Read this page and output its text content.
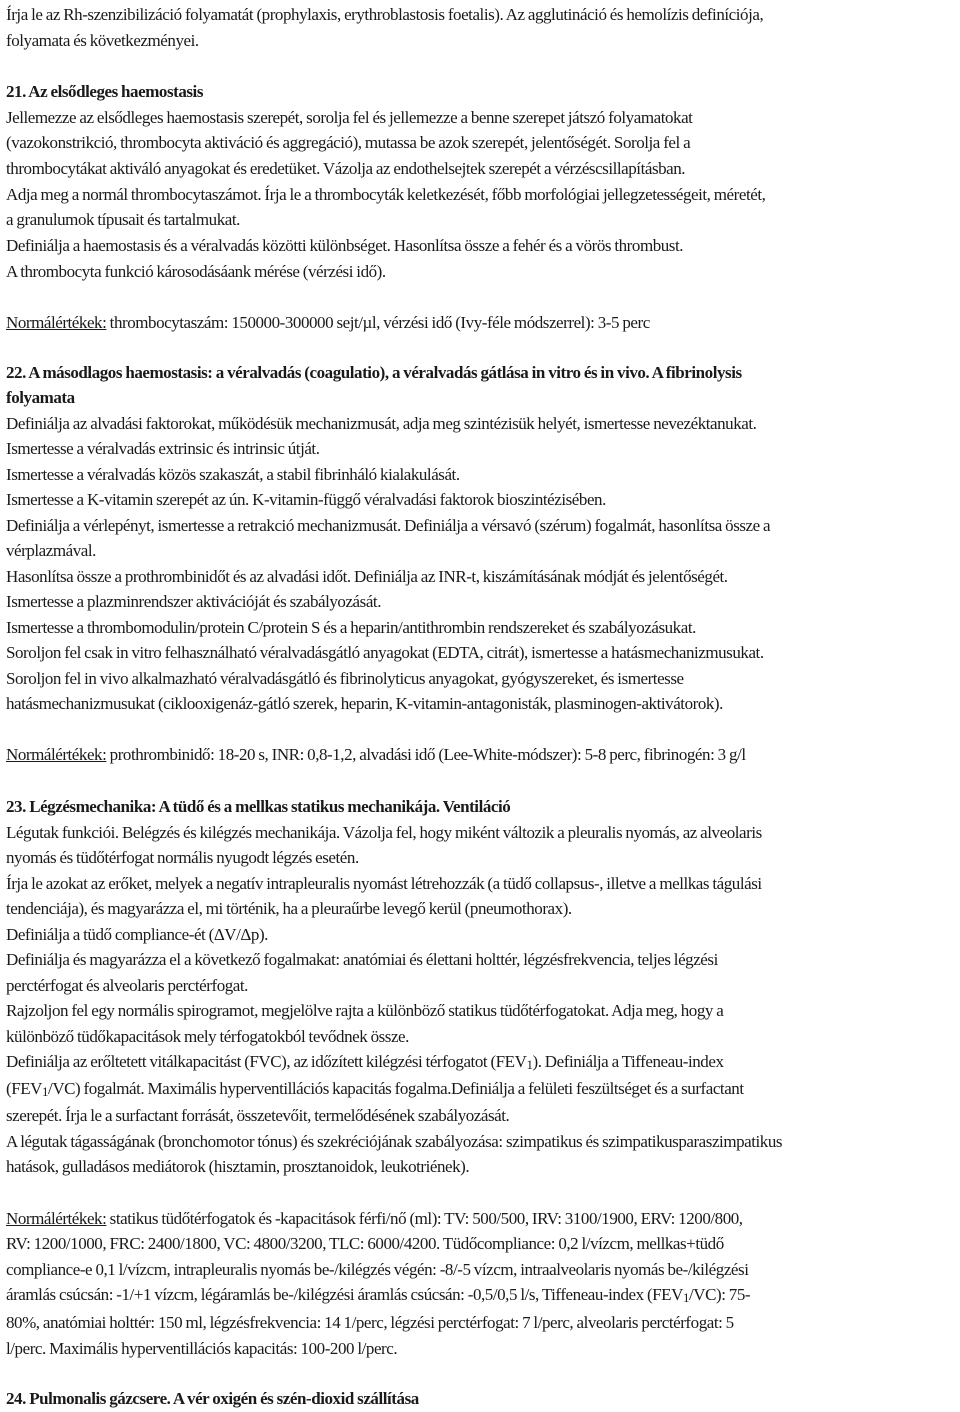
Írja le az Rh-szenzibilizáció folyamatát (prophylaxis, erythroblastosis foetalis). Az agglutináció és hemolízis definíciója,
folyamata és következményei.
21. Az elsődleges haemostasis
Jellemezze az elsődleges haemostasis szerepét, sorolja fel és jellemezze a benne szerepet játszó folyamatokat
(vazokonstrikció, thrombocyta aktiváció és aggregáció), mutassa be azok szerepét, jelentőségét. Sorolja fel a
thrombocytákat aktiváló anyagokat és eredetüket. Vázolja az endothelsejtek szerepét a vérzéscsillapításban.
Adja meg a normál thrombocytaszámot. Írja le a thrombocyták keletkezését, főbb morfológiai jellegzetességeit, méretét,
a granulumok típusait és tartalmukat.
Definiálja a haemostasis és a véralvadás közötti különbséget. Hasonlítsa össze a fehér és a vörös thrombust.
A thrombocyta funkció károsodásáank mérése (vérzési idő).
Normálértékek: thrombocytaszám: 150000-300000 sejt/µl, vérzési idő (Ivy-féle módszerrel): 3-5 perc
22. A másodlagos haemostasis: a véralvadás (coagulatio), a véralvadás gátlása in vitro és in vivo. A fibrinolysis
folyamata
Definiálja az alvadási faktorokat, működésük mechanizmusát, adja meg szintézisük helyét, ismertesse nevezéktanukat.
Ismertesse a véralvadás extrinsic és intrinsic útját.
Ismertesse a véralvadás közös szakaszát, a stabil fibrinháló kialakulását.
Ismertesse a K-vitamin szerepét az ún. K-vitamin-függő véralvadási faktorok bioszintézisében.
Definiálja a vérlepényt, ismertesse a retrakció mechanizmusát. Definiálja a vérsavó (szérum) fogalmát, hasonlítsa össze a
vérplazmával.
Hasonlítsa össze a prothrombinidőt és az alvadási időt. Definiálja az INR-t, kiszámításának módját és jelentőségét.
Ismertesse a plazminrendszer aktivációját és szabályozását.
Ismertesse a thrombomodulin/protein C/protein S és a heparin/antithrombin rendszereket és szabályozásukat.
Soroljon fel csak in vitro felhasználható véralvadásgátló anyagokat (EDTA, citrát), ismertesse a hatásmechanizmusukat.
Soroljon fel in vivo alkalmazható véralvadásgátló és fibrinolyticus anyagokat, gyógyszereket, és ismertesse
hatásmechanizmusukat (ciklooxigenáz-gátló szerek, heparin, K-vitamin-antagonisták, plasminogen-aktivátorok).
Normálértékek: prothrombinidő: 18-20 s, INR: 0,8-1,2, alvadási idő (Lee-White-módszer): 5-8 perc, fibrinogén: 3 g/l
23. Légzésmechanika: A tüdő és a mellkas statikus mechanikája. Ventiláció
Légutak funkciói. Belégzés és kilégzés mechanikája. Vázolja fel, hogy miként változik a pleuralis nyomás, az alveolaris
nyomás és tüdőtérfogat normális nyugodt légzés esetén.
Írja le azokat az erőket, melyek a negatív intrapleuralis nyomást létrehozzák (a tüdő collapsus-, illetve a mellkas tágulási
tendenciája), és magyarázza el, mi történik, ha a pleuraűrbe levegő kerül (pneumothorax).
Definiálja a tüdő compliance-ét (ΔV/Δp).
Definiálja és magyarázza el a következő fogalmakat: anatómiai és élettani holttér, légzésfrekvencia, teljes légzési
perctérfogat és alveolaris perctérfogat.
Rajzoljon fel egy normális spirogramot, megjelölve rajta a különböző statikus tüdőtérfogatokat. Adja meg, hogy a
különböző tüdőkapacitások mely térfogatokból tevődnek össze.
Definiálja az erőltetett vitálkapacitást (FVC), az időzített kilégzési térfogatot (FEV1). Definiálja a Tiffeneau-index
(FEV1/VC) fogalmát. Maximális hyperventillációs kapacitás fogalma.Definiálja a felületi feszültséget és a surfactant
szerepét. Írja le a surfactant forrását, összetevőit, termelődésének szabályozását.
A légutak tágasságának (bronchomotor tónus) és szekréciójának szabályozása: szimpatikus és szimpatikusparaszimpatikus
hatások, gulladásos mediátorok (hisztamin, prosztanoidok, leukotriének).
Normálértékek: statikus tüdőtérfogatok és -kapacitások férfi/nő (ml): TV: 500/500, IRV: 3100/1900, ERV: 1200/800,
RV: 1200/1000, FRC: 2400/1800, VC: 4800/3200, TLC: 6000/4200. Tüdőcompliance: 0,2 l/vízcm, mellkas+tüdő
compliance-e 0,1 l/vízcm, intrapleuralis nyomás be-/kilégzés végén: -8/-5 vízcm, intraalveolaris nyomás be-/kilégzési
áramlás csúcsán: -1/+1 vízcm, légáramlás be-/kilégzési áramlás csúcsán: -0,5/0,5 l/s, Tiffeneau-index (FEV1/VC): 75-
80%, anatómiai holttér: 150 ml, légzésfrekvencia: 14 1/perc, légzési perctérfogat: 7 l/perc, alveolaris perctérfogat: 5
l/perc. Maximális hyperventillációs kapacitás: 100-200 l/perc.
24. Pulmonalis gázcsere. A vér oxigén és szén-dioxid szállítása
